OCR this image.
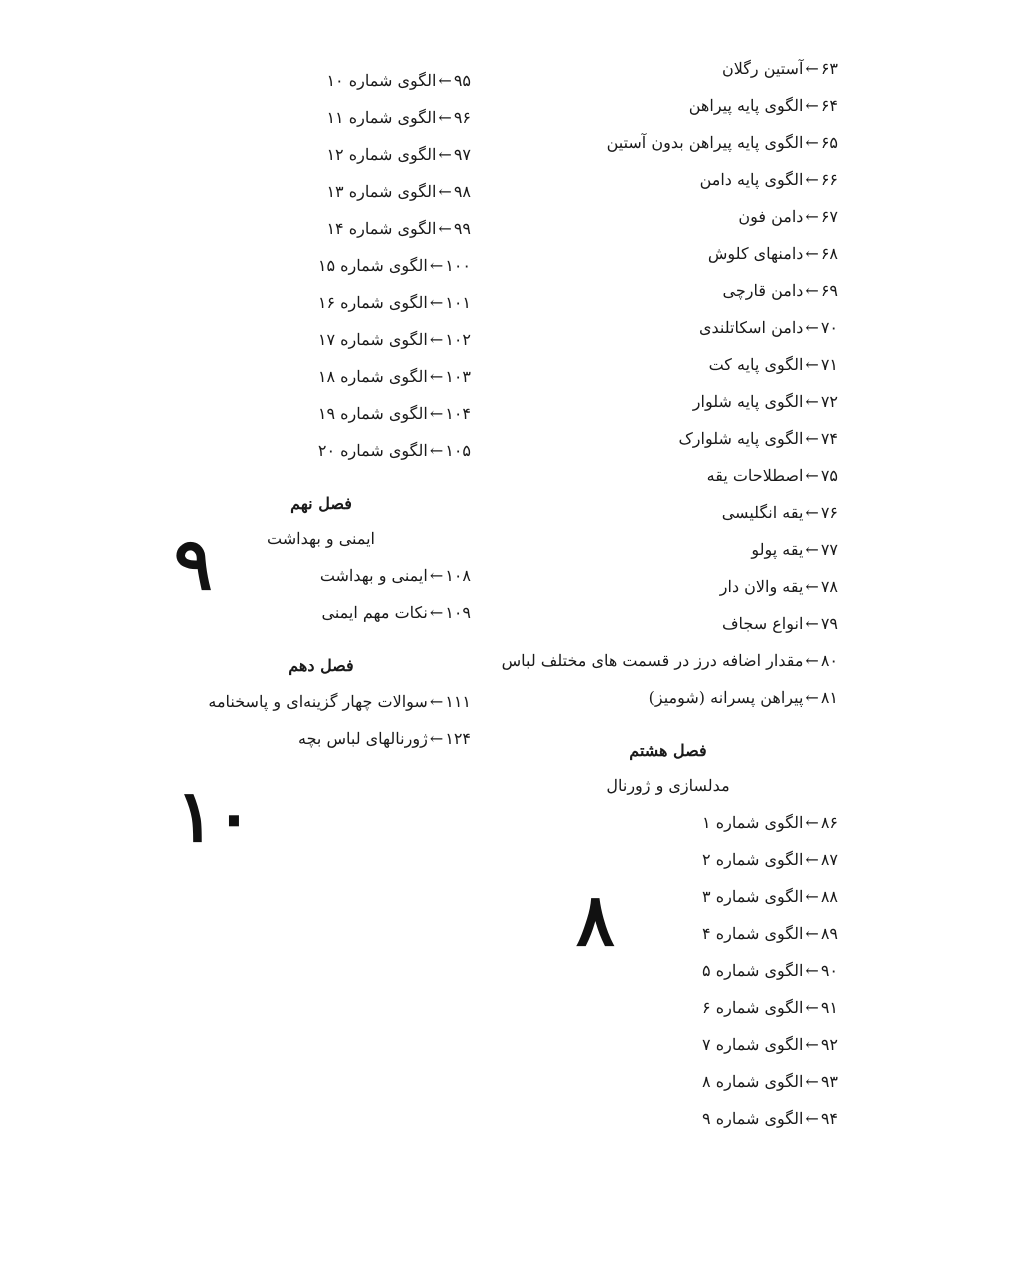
۶۳←آستین رگلان
۶۴←الگوی پایه پیراهن
۶۵←الگوی پایه پیراهن بدون آستین
۶۶←الگوی پایه دامن
۶۷←دامن فون
۶۸←دامنهای کلوش
۶۹←دامن قارچی
۷۰←دامن اسکاتلندی
۷۱←الگوی پایه کت
۷۲←الگوی پایه شلوار
۷۴←الگوی پایه شلوارک
۷۵←اصطلاحات یقه
۷۶←یقه انگلیسی
۷۷←یقه پولو
۷۸←یقه والان دار
۷۹←انواع سجاف
۸۰←مقدار اضافه درز در قسمت های مختلف لباس
۸۱←پیراهن پسرانه (شومیز)
فصل هشتم
مدلسازی و ژورنال
۸۶←الگوی شماره ۱
۸۷←الگوی شماره ۲
۸۸←الگوی شماره ۳
۸۹←الگوی شماره ۴
۹۰←الگوی شماره ۵
۹۱←الگوی شماره ۶
۹۲←الگوی شماره ۷
۹۳←الگوی شماره ۸
۹۴←الگوی شماره ۹
۹۵←الگوی شماره ۱۰
۹۶←الگوی شماره ۱۱
۹۷←الگوی شماره ۱۲
۹۸←الگوی شماره ۱۳
۹۹←الگوی شماره ۱۴
۱۰۰←الگوی شماره ۱۵
۱۰۱←الگوی شماره ۱۶
۱۰۲←الگوی شماره ۱۷
۱۰۳←الگوی شماره ۱۸
۱۰۴←الگوی شماره ۱۹
۱۰۵←الگوی شماره ۲۰
فصل نهم
ایمنی و بهداشت
۱۰۸←ایمنی و بهداشت
۱۰۹←نکات مهم ایمنی
فصل دهم
۱۱۱←سوالات چهار گزینه‌ای و پاسخنامه
۱۲۴←ژورنالهای لباس بچه
۹
۱۰
۸
